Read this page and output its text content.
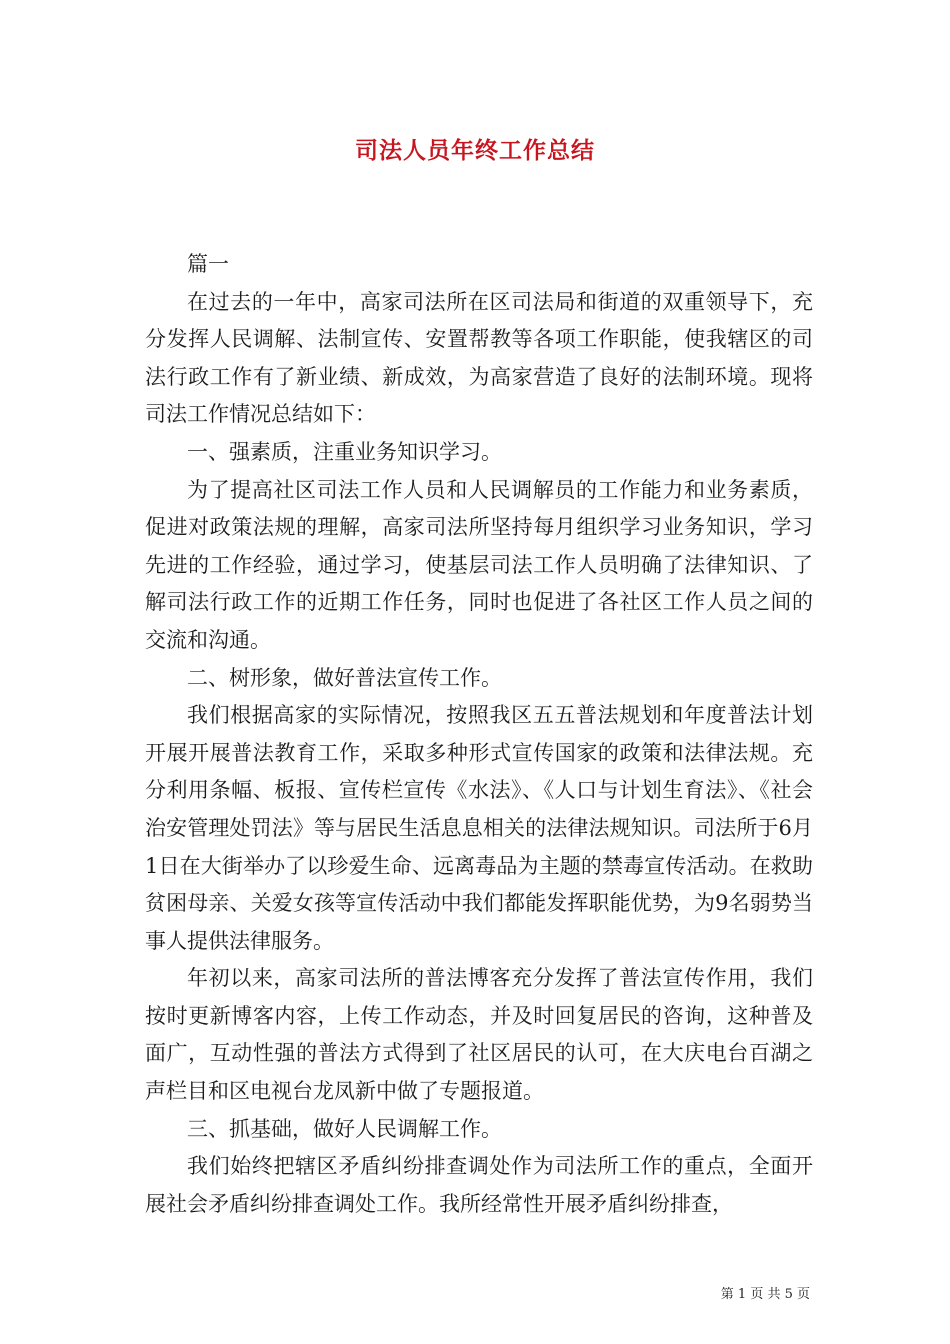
司法人员年终工作总结

篇一

在过去的一年中，高家司法所在区司法局和街道的双重领导下，充分发挥人民调解、法制宣传、安置帮教等各项工作职能，使我辖区的司法行政工作有了新业绩、新成效，为高家营造了良好的法制环境。现将司法工作情况总结如下：

一、强素质，注重业务知识学习。

为了提高社区司法工作人员和人民调解员的工作能力和业务素质，促进对政策法规的理解，高家司法所坚持每月组织学习业务知识，学习先进的工作经验，通过学习，使基层司法工作人员明确了法律知识、了解司法行政工作的近期工作任务，同时也促进了各社区工作人员之间的交流和沟通。

二、树形象，做好普法宣传工作。

我们根据高家的实际情况，按照我区五五普法规划和年度普法计划开展开展普法教育工作，采取多种形式宣传国家的政策和法律法规。充分利用条幅、板报、宣传栏宣传《水法》、《人口与计划生育法》、《社会治安管理处罚法》等与居民生活息息相关的法律法规知识。司法所于6月1日在大街举办了以珍爱生命、远离毒品为主题的禁毒宣传活动。在救助贫困母亲、关爱女孩等宣传活动中我们都能发挥职能优势，为9名弱势当事人提供法律服务。

年初以来，高家司法所的普法博客充分发挥了普法宣传作用，我们按时更新博客内容，上传工作动态，并及时回复居民的咨询，这种普及面广，互动性强的普法方式得到了社区居民的认可，在大庆电台百湖之声栏目和区电视台龙凤新中做了专题报道。

三、抓基础，做好人民调解工作。

我们始终把辖区矛盾纠纷排查调处作为司法所工作的重点，全面开展社会矛盾纠纷排查调处工作。我所经常性开展矛盾纠纷排查，

第 1 页 共 5 页
